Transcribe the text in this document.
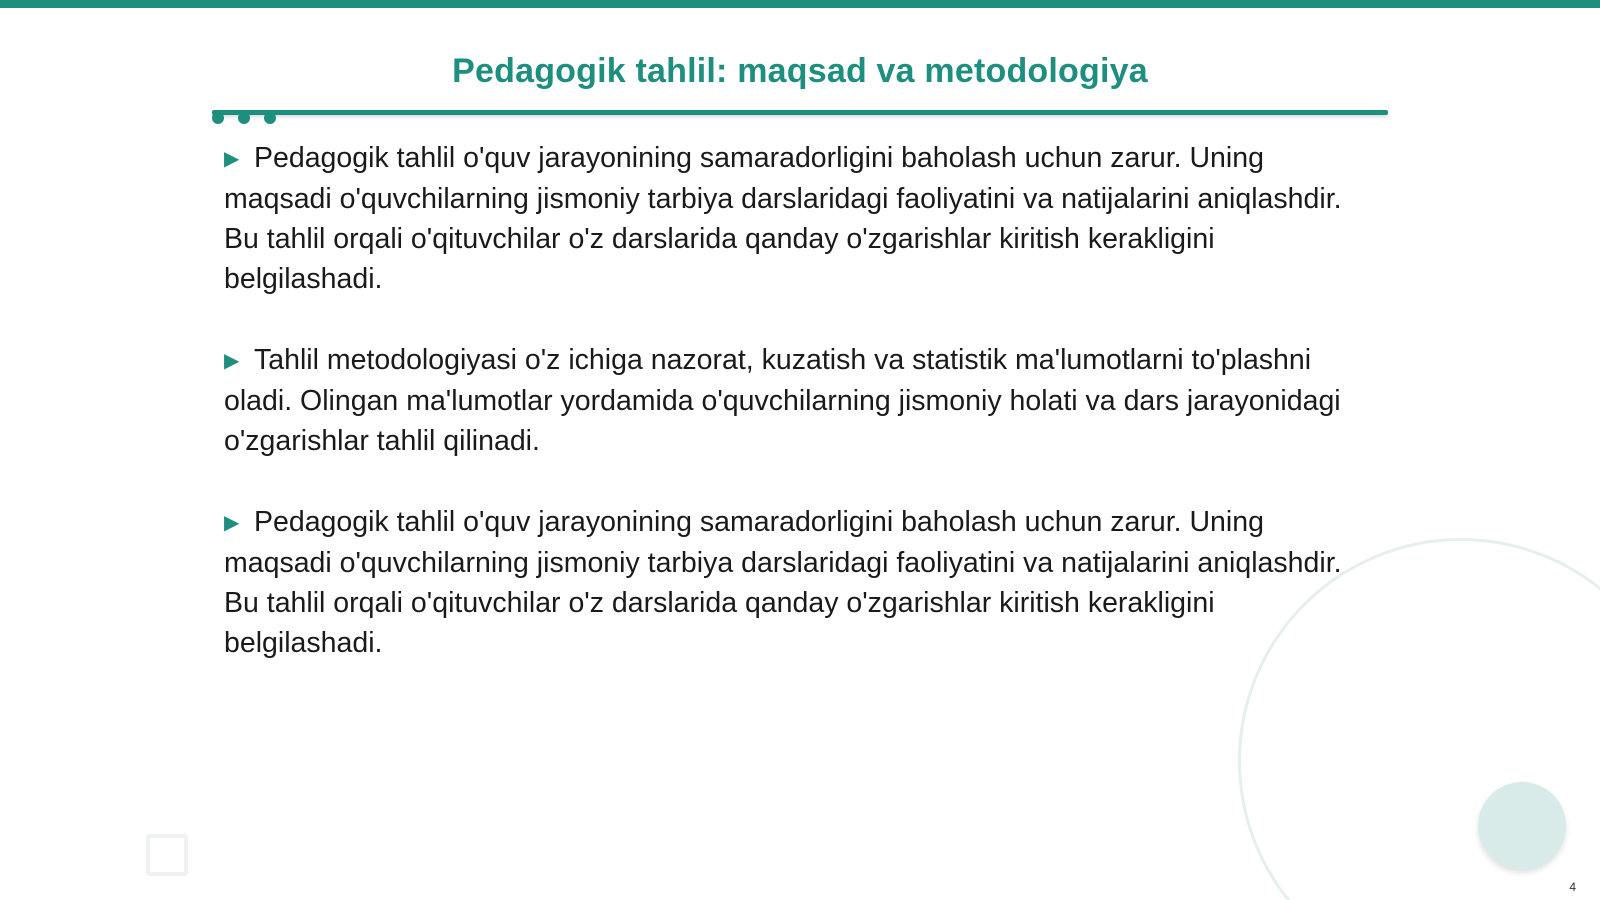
Pedagogik tahlil: maqsad va metodologiya

▶ Pedagogik tahlil o'quv jarayonining samaradorligini baholash uchun zarur. Uning maqsadi o'quvchilarning jismoniy tarbiya darslaridagi faoliyatini va natijalarini aniqlashdir. Bu tahlil orqali o'qituvchilar o'z darslarida qanday o'zgarishlar kiritish kerakligini belgilashadi.

▶ Tahlil metodologiyasi o'z ichiga nazorat, kuzatish va statistik ma'lumotlarni to'plashni oladi. Olingan ma'lumotlar yordamida o'quvchilarning jismoniy holati va dars jarayonidagi o'zgarishlar tahlil qilinadi.

▶ Pedagogik tahlil o'quv jarayonining samaradorligini baholash uchun zarur. Uning maqsadi o'quvchilarning jismoniy tarbiya darslaridagi faoliyatini va natijalarini aniqlashdir. Bu tahlil orqali o'qituvchilar o'z darslarida qanday o'zgarishlar kiritish kerakligini belgilashadi.

4
